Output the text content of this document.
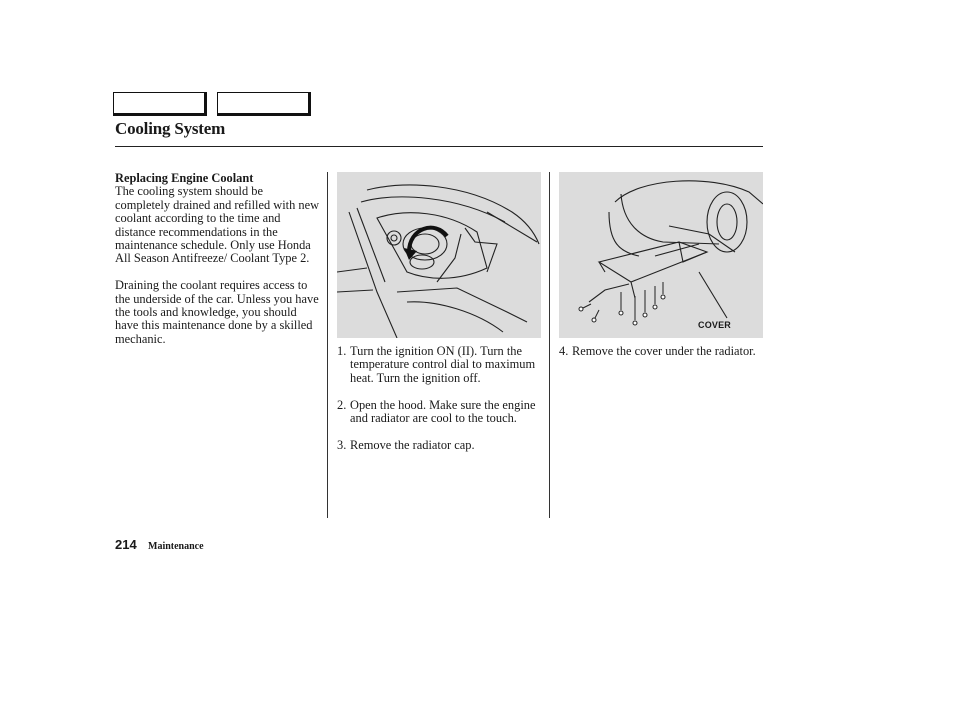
Cooling System
Replacing Engine Coolant

The cooling system should be completely drained and refilled with new coolant according to the time and distance recommendations in the maintenance schedule. Only use Honda All Season Antifreeze/ Coolant Type 2.

Draining the coolant requires access to the underside of the car. Unless you have the tools and knowledge, you should have this maintenance done by a skilled mechanic.

COVER
1. Turn the ignition ON (II). Turn the temperature control dial to maximum heat. Turn the ignition off.
2. Open the hood. Make sure the engine and radiator are cool to the touch.
3. Remove the radiator cap.
4. Remove the cover under the radiator.
214 Maintenance
